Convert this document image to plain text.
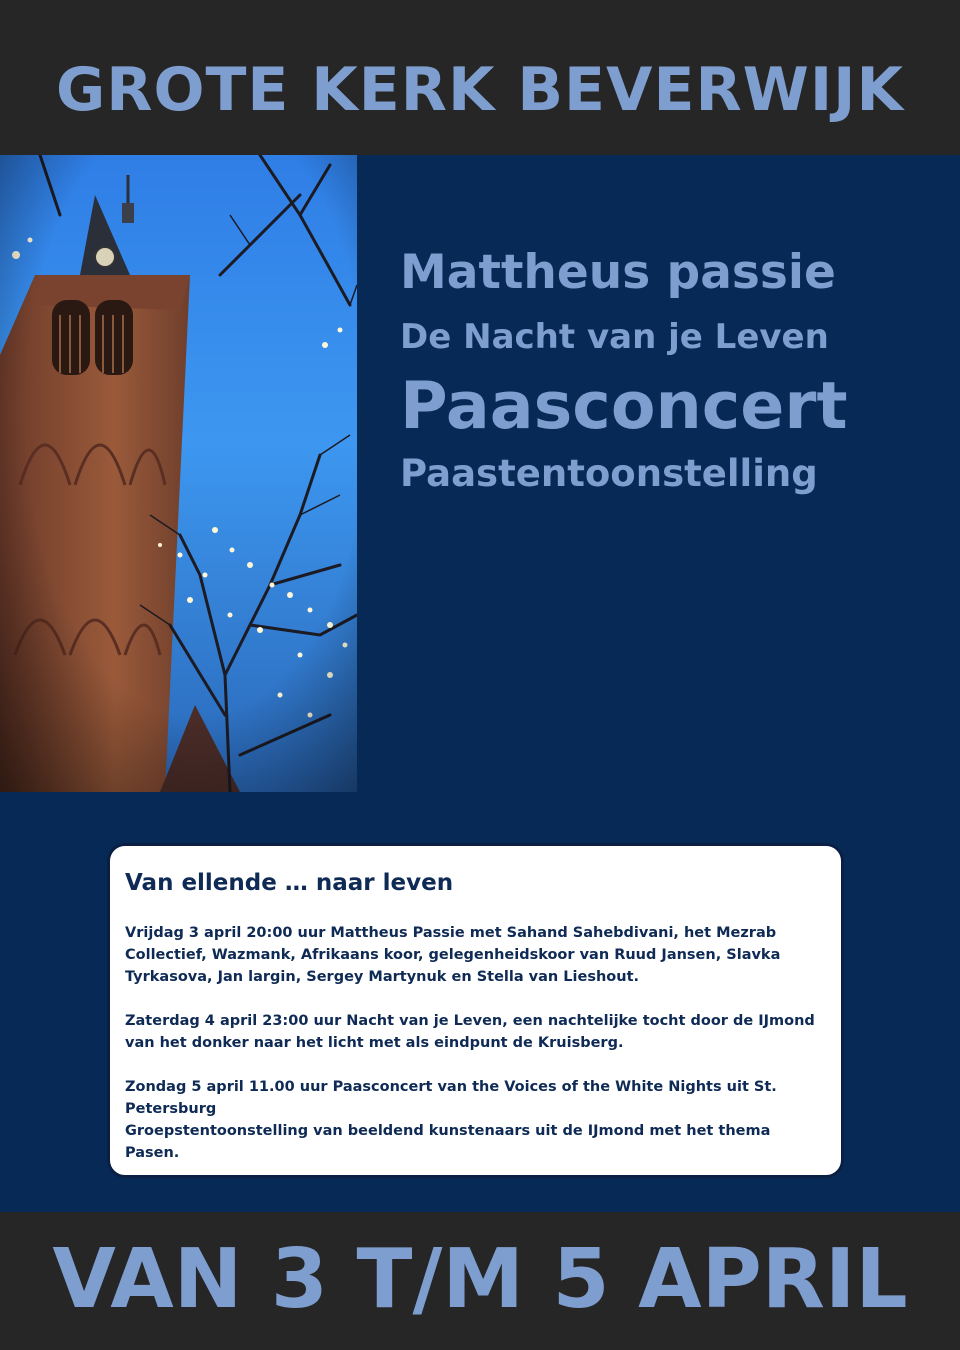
GROTE KERK BEVERWIJK

Mattheus passie

De Nacht van je Leven

Paasconcert

Paastentoonstelling

Van ellende … naar leven

Vrijdag 3 april 20:00 uur Mattheus Passie met Sahand Sahebdivani, het Mezrab Collectief, Wazmank, Afrikaans koor, gelegenheidskoor van Ruud Jansen, Slavka Tyrkasova, Jan largin, Sergey Martynuk en Stella van Lieshout.

Zaterdag 4 april 23:00 uur Nacht van je Leven, een nachtelijke tocht door de IJmond van het donker naar het licht met als eindpunt de Kruisberg.

Zondag 5 april 11.00 uur Paasconcert van the Voices of the White Nights uit St. Petersburg

Groepstentoonstelling van beeldend kunstenaars uit de IJmond met het thema Pasen.

VAN 3 T/M 5 APRIL
